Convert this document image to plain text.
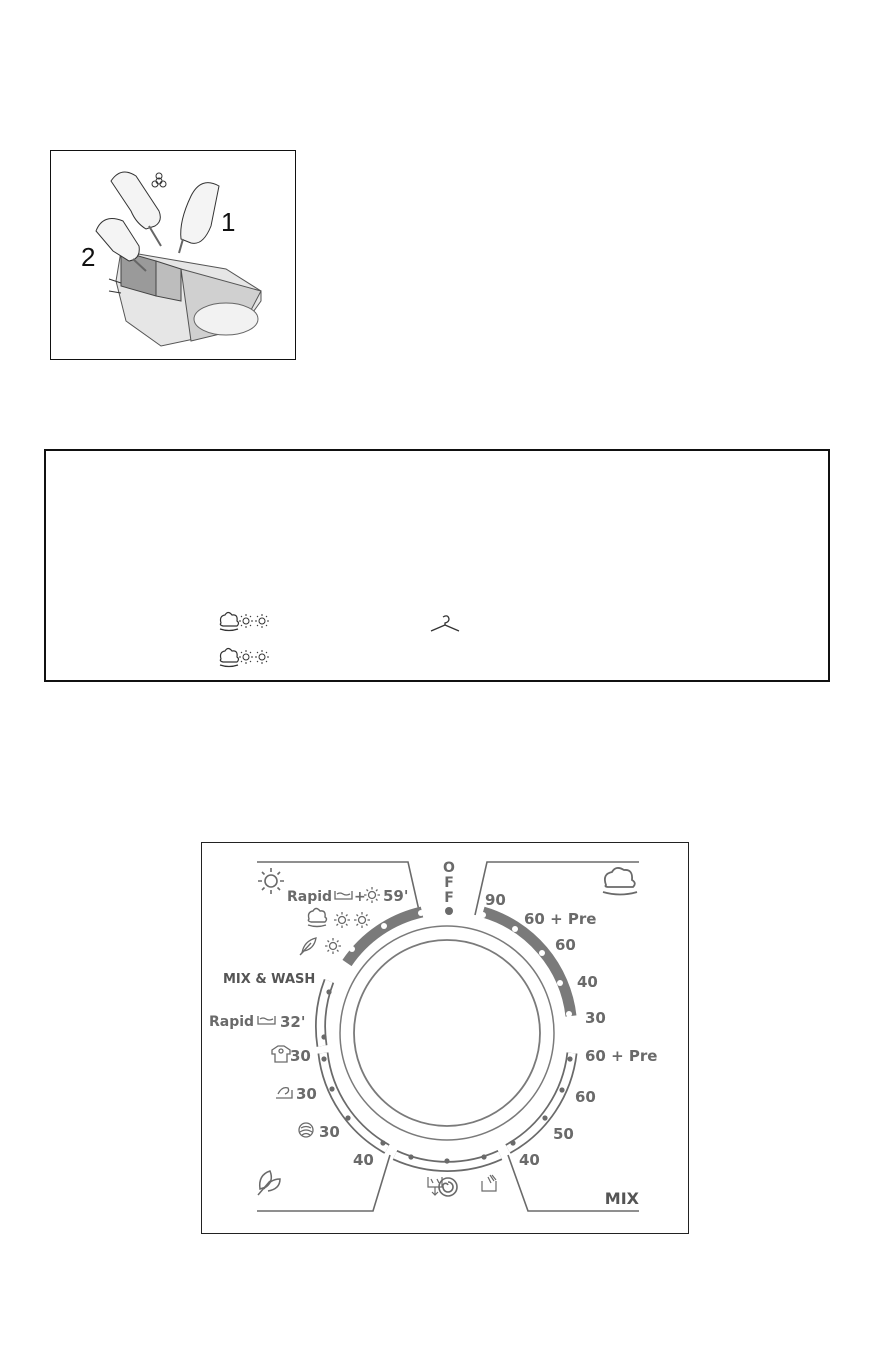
1
2
O
F
F
Rapid + 59'
MIX & WASH
Rapid 32'
30
30
30
40
90
60 + Pre
60
40
30
60 + Pre
60
50
40
MIX
